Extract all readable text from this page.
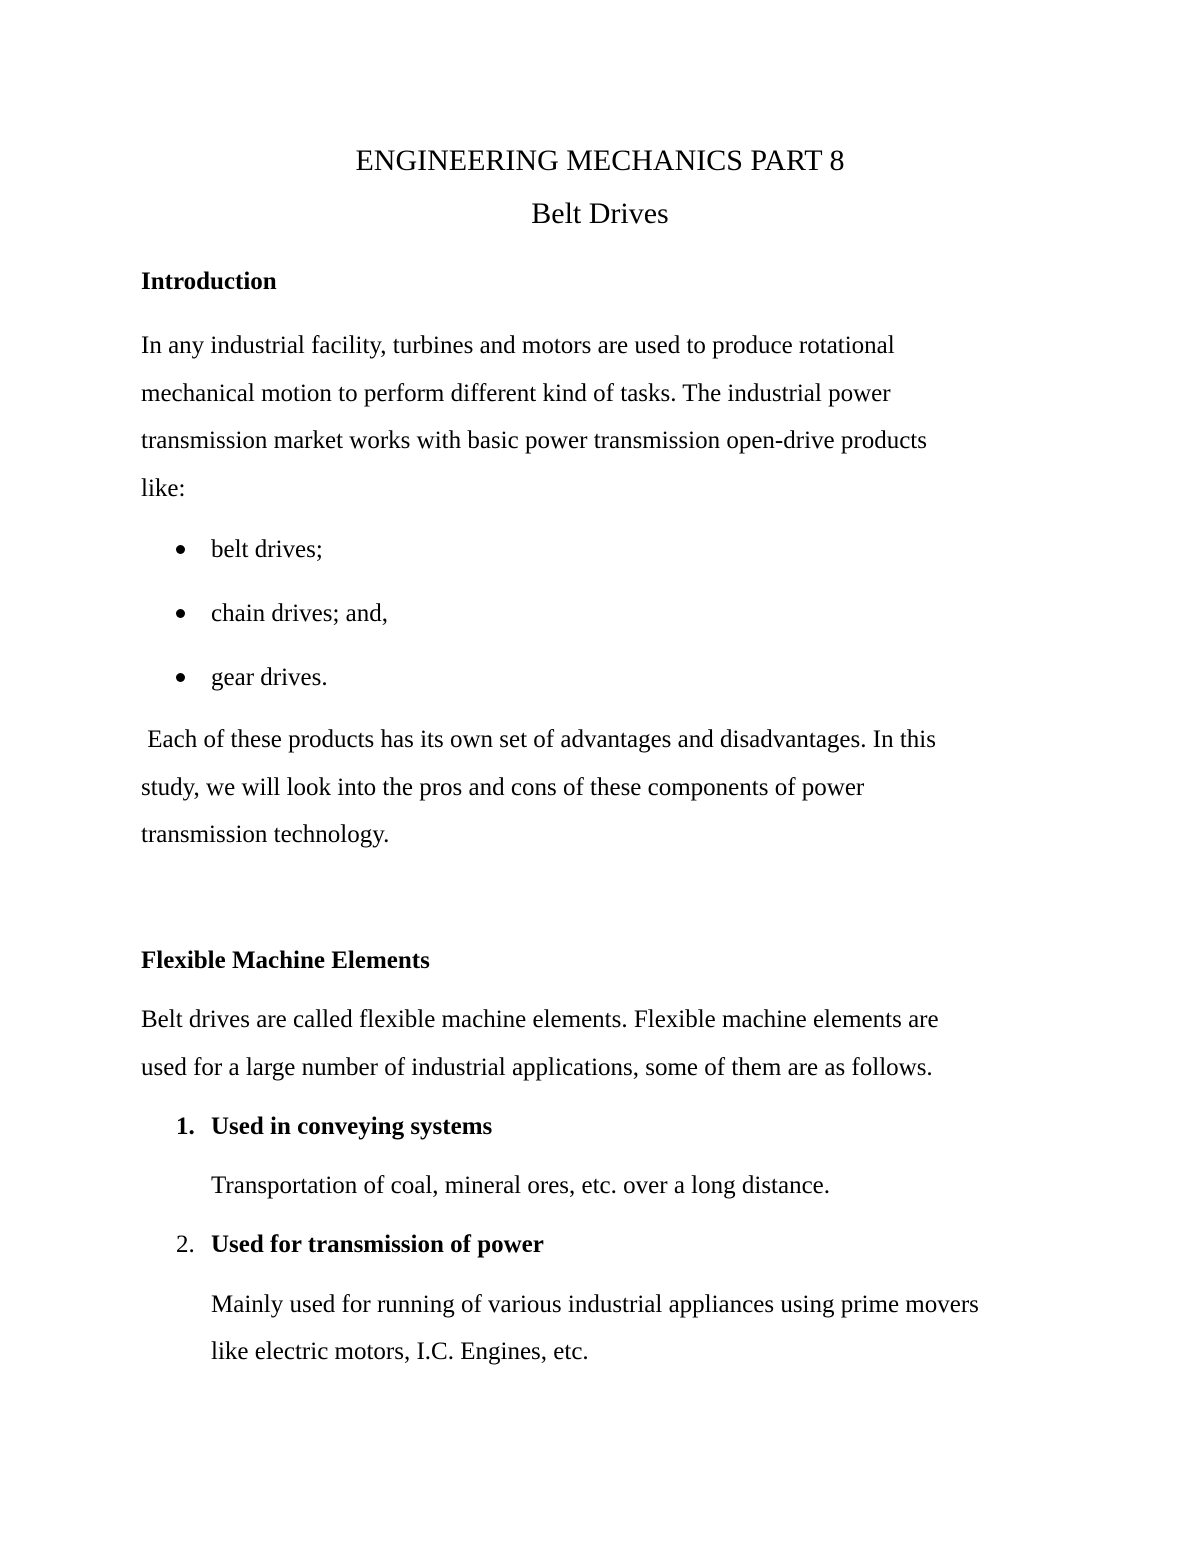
ENGINEERING MECHANICS PART 8

Belt Drives

Introduction

In any industrial facility, turbines and motors are used to produce rotational

mechanical motion to perform different kind of tasks. The industrial power

transmission market works with basic power transmission open-drive products

like:

belt drives;

chain drives; and,

gear drives.

Each of these products has its own set of advantages and disadvantages. In this

study, we will look into the pros and cons of these components of power

transmission technology.

Flexible Machine Elements

Belt drives are called flexible machine elements. Flexible machine elements are

used for a large number of industrial applications, some of them are as follows.

1. Used in conveying systems

Transportation of coal, mineral ores, etc. over a long distance.

2. Used for transmission of power

Mainly used for running of various industrial appliances using prime movers

like electric motors, I.C. Engines, etc.
